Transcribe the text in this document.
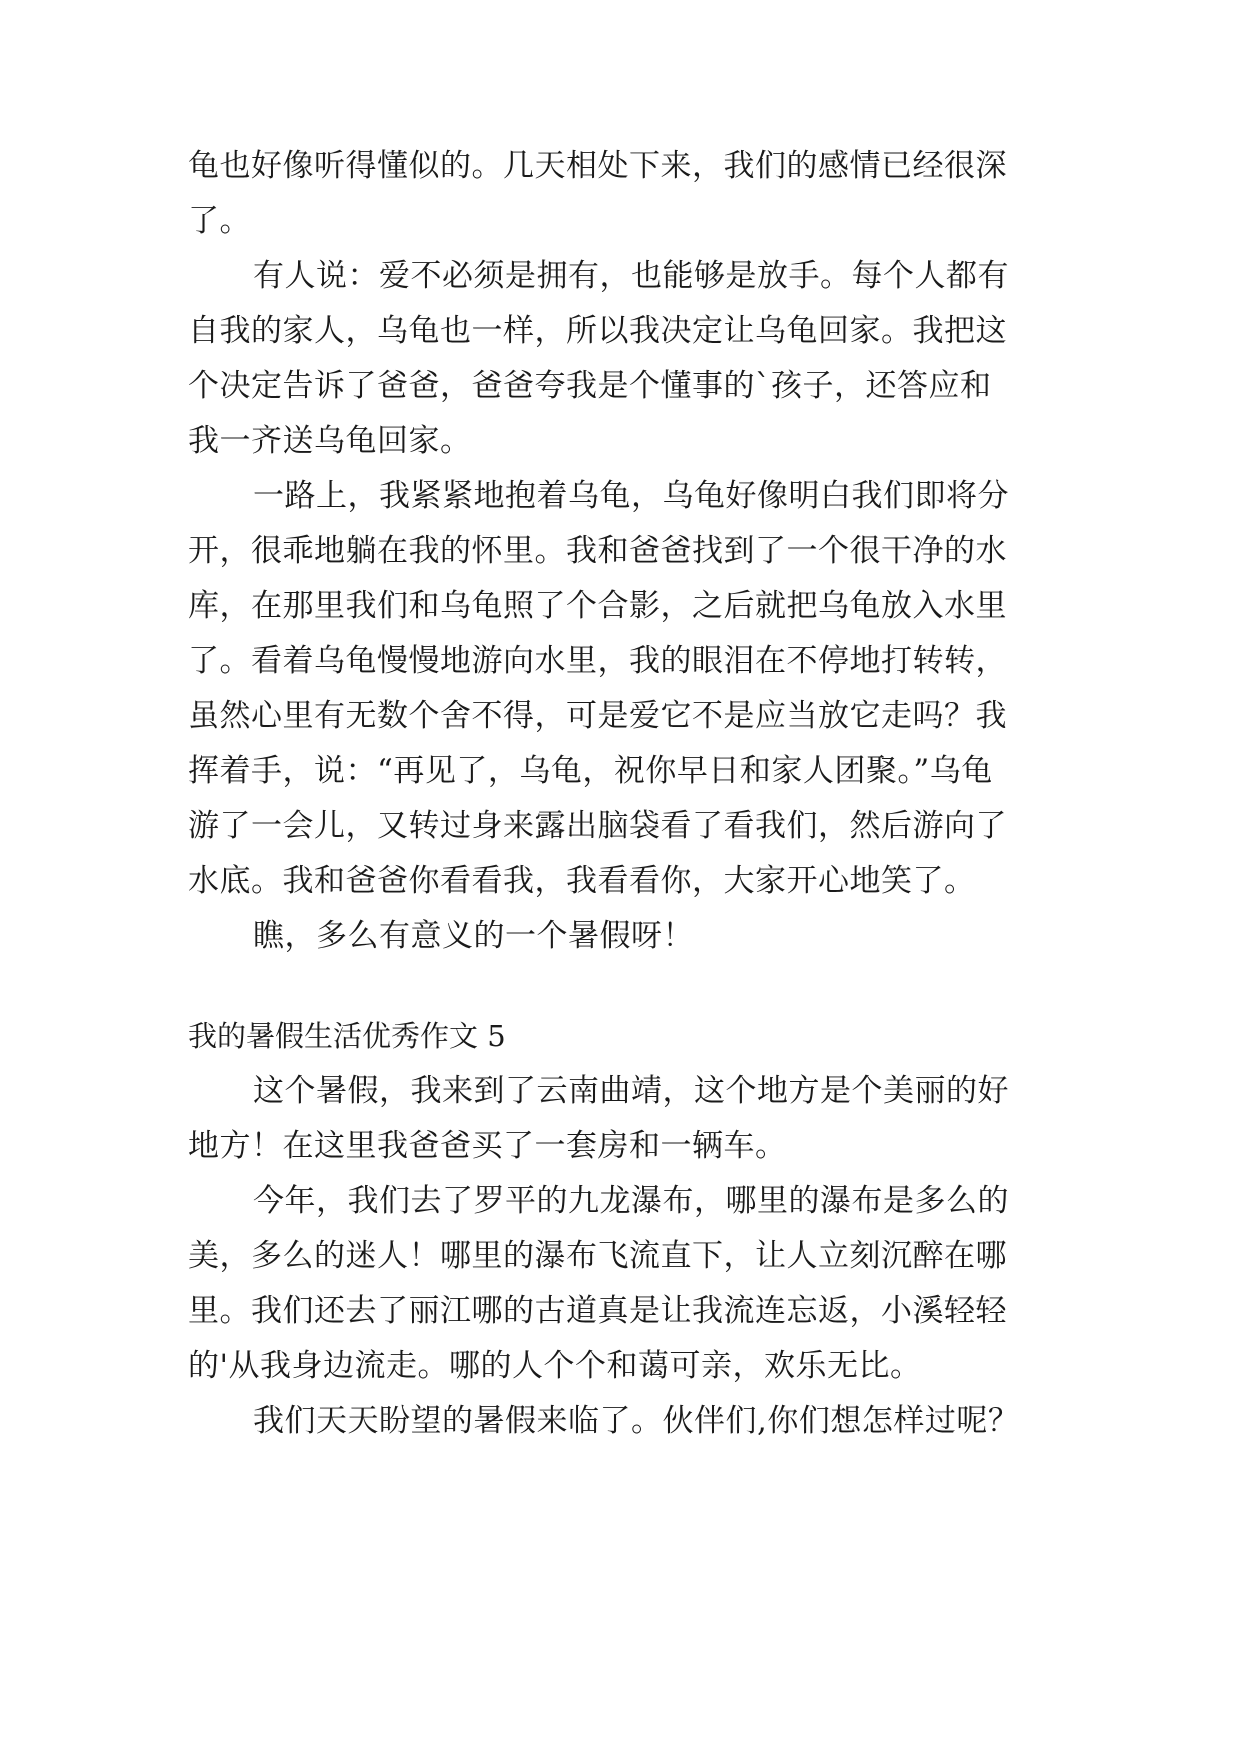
龟也好像听得懂似的。几天相处下来，我们的感情已经很深
了。
有人说：爱不必须是拥有，也能够是放手。每个人都有
自我的家人，乌龟也一样，所以我决定让乌龟回家。我把这
个决定告诉了爸爸，爸爸夸我是个懂事的`孩子，还答应和
我一齐送乌龟回家。
一路上，我紧紧地抱着乌龟，乌龟好像明白我们即将分
开，很乖地躺在我的怀里。我和爸爸找到了一个很干净的水
库，在那里我们和乌龟照了个合影，之后就把乌龟放入水里
了。看着乌龟慢慢地游向水里，我的眼泪在不停地打转转，
虽然心里有无数个舍不得，可是爱它不是应当放它走吗？我
挥着手，说：“再见了，乌龟，祝你早日和家人团聚。”乌龟
游了一会儿，又转过身来露出脑袋看了看我们，然后游向了
水底。我和爸爸你看看我，我看看你，大家开心地笑了。
瞧，多么有意义的一个暑假呀！
我的暑假生活优秀作文 5
这个暑假，我来到了云南曲靖，这个地方是个美丽的好
地方！在这里我爸爸买了一套房和一辆车。
今年，我们去了罗平的九龙瀑布，哪里的瀑布是多么的
美，多么的迷人！哪里的瀑布飞流直下，让人立刻沉醉在哪
里。我们还去了丽江哪的古道真是让我流连忘返，小溪轻轻
的'从我身边流走。哪的人个个和蔼可亲，欢乐无比。
我们天天盼望的暑假来临了。伙伴们,你们想怎样过呢？
